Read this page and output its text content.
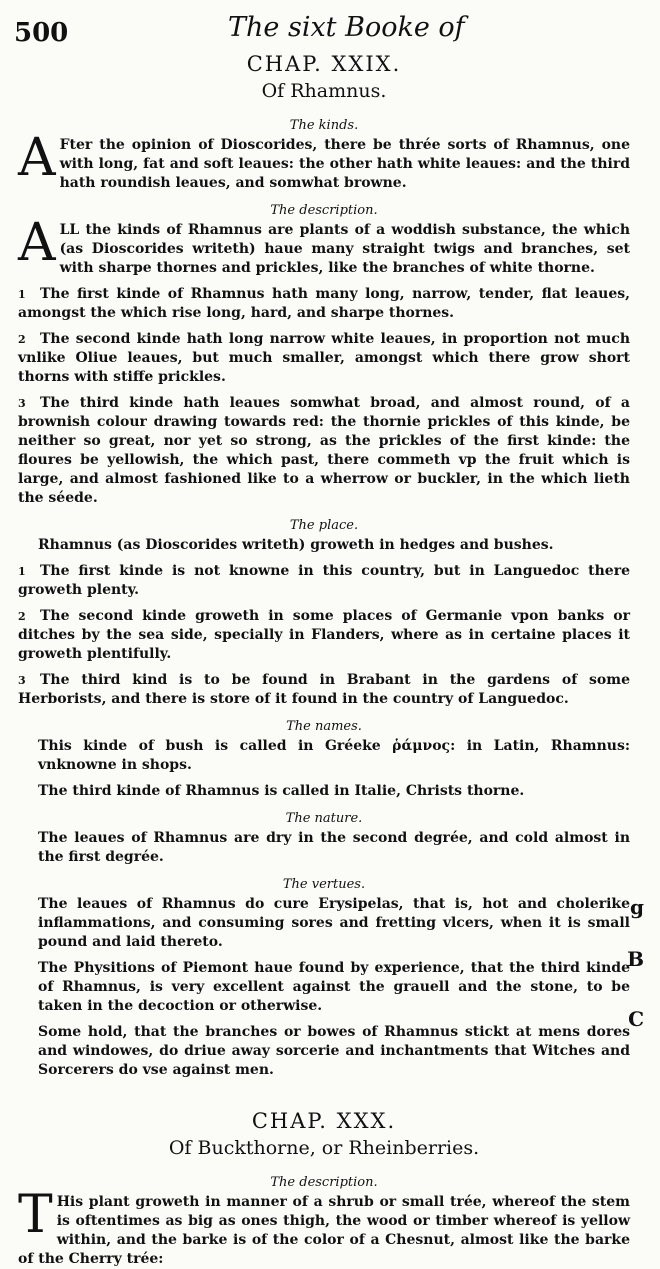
500	The sixt Booke of
CHAP. XXIX.
Of Rhamnus.
The kinds.

A Fter the opinion of Dioscorides, there be thrée sorts of Rhamnus, one with long, fat and soft leaues: the other hath white leaues: and the third hath roundish leaues, and somwhat browne.

The description.

ALL the kinds of Rhamnus are plants of a woddish substance, the which (as Dioscorides writeth) haue many straight twigs and branches, set with sharpe thornes and prickles, like the branches of white thorne.

1 The first kinde of Rhamnus hath many long, narrow, tender, flat leaues, amongst the which rise long, hard, and sharpe thornes.

2 The second kinde hath long narrow white leaues, in proportion not much vnlike Oliue leaues, but much smaller, amongst which there grow short thorns with stiffe prickles.

3 The third kinde hath leaues somwhat broad, and almost round, of a brownish colour drawing towards red: the thornie prickles of this kinde, be neither so great, nor yet so strong, as the prickles of the first kinde: the floures be yellowish, the which past, there commeth vp the fruit which is large, and almost fashioned like to a wherrow or buckler, in the which lieth the séede.

The place.

Rhamnus (as Dioscorides writeth) groweth in hedges and bushes.

1 The first kinde is not knowne in this country, but in Languedoc there groweth plenty.

2 The second kinde groweth in some places of Germanie vpon banks or ditches by the sea side, specially in Flanders, where as in certaine places it groweth plentifully.

3 The third kind is to be found in Brabant in the gardens of some Herborists, and there is store of it found in the country of Languedoc.

The names.

This kinde of bush is called in Gréeke ῥάμνος: in Latin, Rhamnus: vnknowne in shops.

The third kinde of Rhamnus is called in Italie, Christs thorne.

The nature.

The leaues of Rhamnus are dry in the second degrée, and cold almost in the first degrée.

The vertues.

The leaues of Rhamnus do cure Erysipelas, that is, hot and cholerike inflammations, and consuming sores and fretting vlcers, when it is small pound and laid thereto.

g

The Physitions of Piemont haue found by experience, that the third kinde of Rhamnus, is very excellent against the grauell and the stone, to be taken in the decoction or otherwise.

B

Some hold, that the branches or bowes of Rhamnus stickt at mens dores and windowes, do driue away sorcerie and inchantments that Witches and Sorcerers do vse against men.

C
CHAP. XXX.
Of Buckthorne, or Rheinberries.
The description.

T His plant groweth in manner of a shrub or small trée, whereof the stem is oftentimes as big as ones thigh, the wood or timber whereof is yellow within, and the barke is of the color of a Chesnut, almost like the barke of the Cherry trée:
